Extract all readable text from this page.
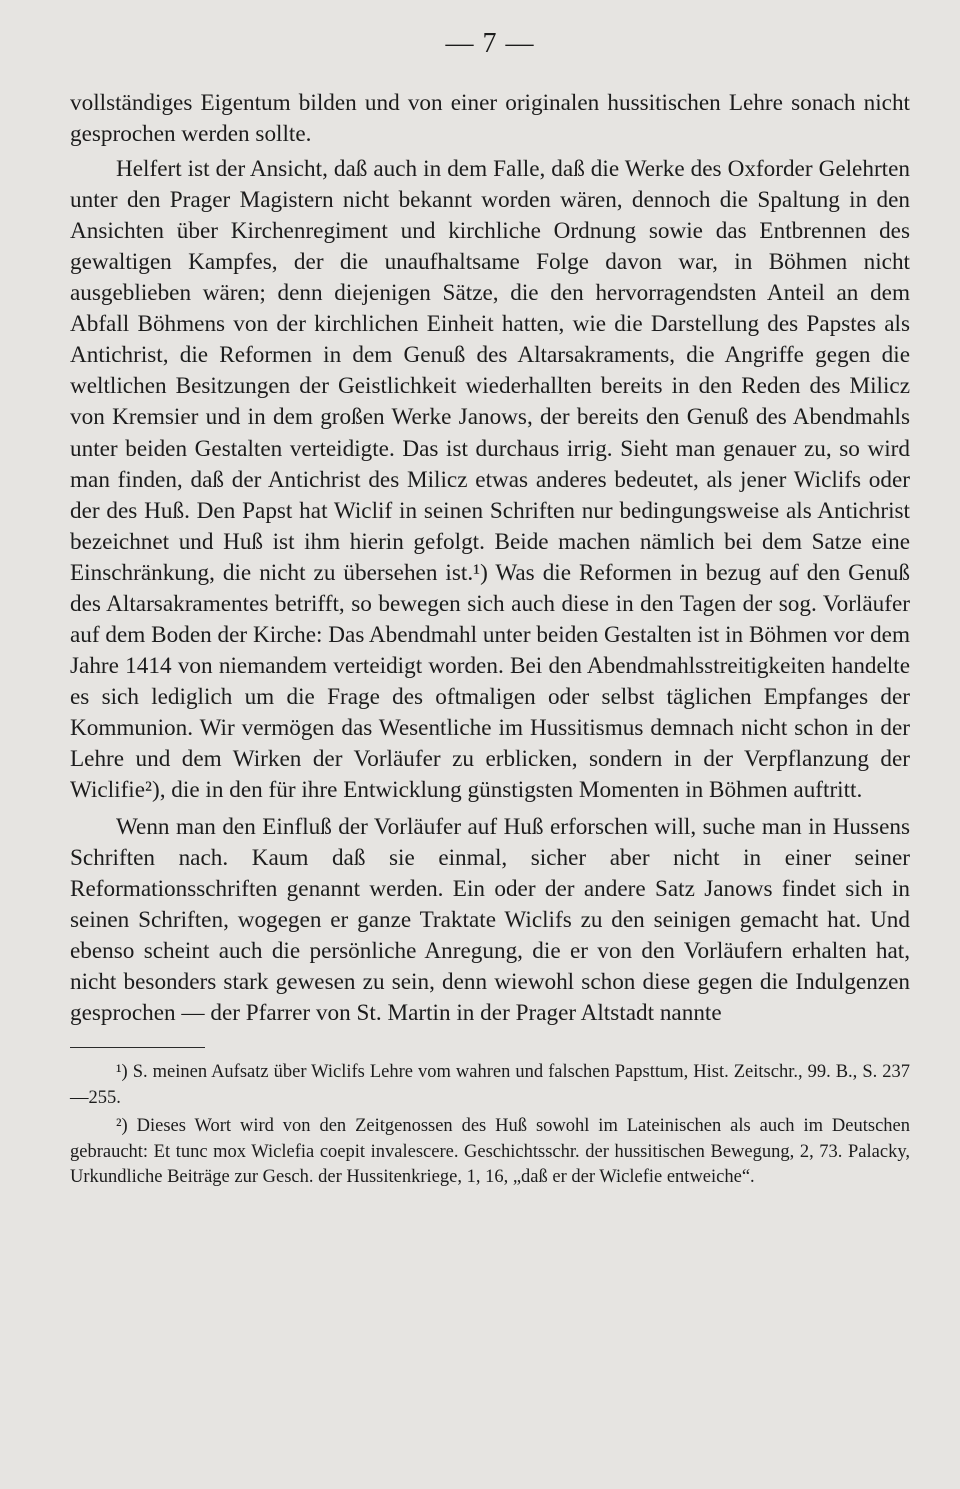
— 7 —

vollständiges Eigentum bilden und von einer originalen hussitischen Lehre sonach nicht gesprochen werden sollte.

Helfert ist der Ansicht, daß auch in dem Falle, daß die Werke des Oxforder Gelehrten unter den Prager Magistern nicht bekannt worden wären, dennoch die Spaltung in den Ansichten über Kirchenregiment und kirchliche Ordnung sowie das Entbrennen des gewaltigen Kampfes, der die unaufhaltsame Folge davon war, in Böhmen nicht ausgeblieben wären; denn diejenigen Sätze, die den hervorragendsten Anteil an dem Abfall Böhmens von der kirchlichen Einheit hatten, wie die Darstellung des Papstes als Antichrist, die Reformen in dem Genuß des Altarsakraments, die Angriffe gegen die weltlichen Besitzungen der Geistlichkeit wiederhallten bereits in den Reden des Milicz von Kremsier und in dem großen Werke Janows, der bereits den Genuß des Abendmahls unter beiden Gestalten verteidigte. Das ist durchaus irrig. Sieht man genauer zu, so wird man finden, daß der Antichrist des Milicz etwas anderes bedeutet, als jener Wiclifs oder der des Huß. Den Papst hat Wiclif in seinen Schriften nur bedingungsweise als Antichrist bezeichnet und Huß ist ihm hierin gefolgt. Beide machen nämlich bei dem Satze eine Einschränkung, die nicht zu übersehen ist.¹) Was die Reformen in bezug auf den Genuß des Altarsakramentes betrifft, so bewegen sich auch diese in den Tagen der sog. Vorläufer auf dem Boden der Kirche: Das Abendmahl unter beiden Gestalten ist in Böhmen vor dem Jahre 1414 von niemandem verteidigt worden. Bei den Abendmahlsstreitigkeiten handelte es sich lediglich um die Frage des oftmaligen oder selbst täglichen Empfanges der Kommunion. Wir vermögen das Wesentliche im Hussitismus demnach nicht schon in der Lehre und dem Wirken der Vorläufer zu erblicken, sondern in der Verpflanzung der Wiclifie²), die in den für ihre Entwicklung günstigsten Momenten in Böhmen auftritt.

Wenn man den Einfluß der Vorläufer auf Huß erforschen will, suche man in Hussens Schriften nach. Kaum daß sie einmal, sicher aber nicht in einer seiner Reformationsschriften genannt werden. Ein oder der andere Satz Janows findet sich in seinen Schriften, wogegen er ganze Traktate Wiclifs zu den seinigen gemacht hat. Und ebenso scheint auch die persönliche Anregung, die er von den Vorläufern erhalten hat, nicht besonders stark gewesen zu sein, denn wiewohl schon diese gegen die Indulgenzen gesprochen — der Pfarrer von St. Martin in der Prager Altstadt nannte

¹) S. meinen Aufsatz über Wiclifs Lehre vom wahren und falschen Papsttum, Hist. Zeitschr., 99. B., S. 237—255.

²) Dieses Wort wird von den Zeitgenossen des Huß sowohl im Lateinischen als auch im Deutschen gebraucht: Et tunc mox Wiclefia coepit invalescere. Geschichtsschr. der hussitischen Bewegung, 2, 73. Palacky, Urkundliche Beiträge zur Gesch. der Hussitenkriege, 1, 16, „daß er der Wiclefie entweiche“.
